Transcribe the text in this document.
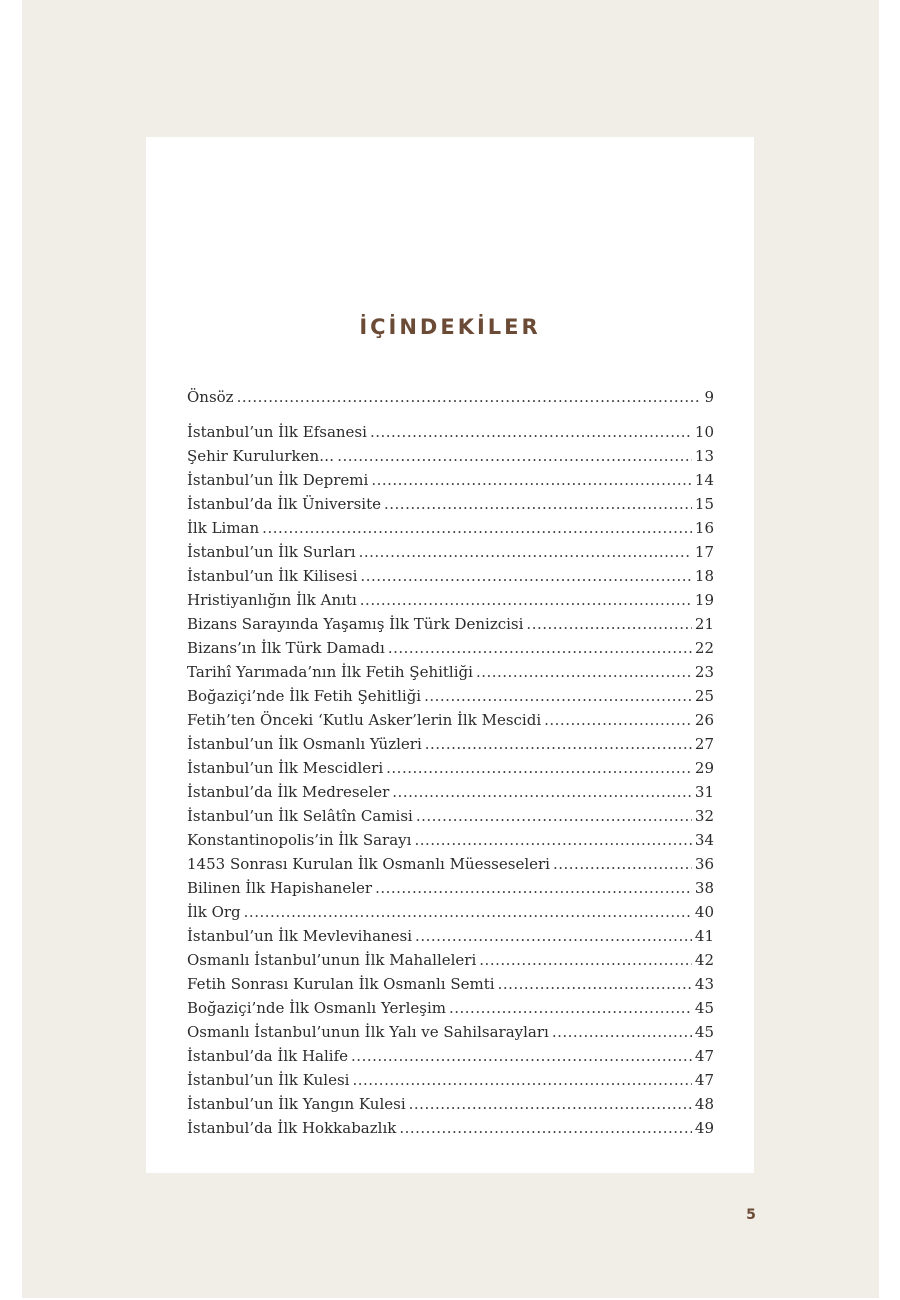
İÇİNDEKİLER
Önsöz .....	9
İstanbul’un İlk Efsanesi .....	10
Şehir Kurulurken… .....	13
İstanbul’un İlk Depremi .....	14
İstanbul’da İlk Üniversite .....	15
İlk Liman .....	16
İstanbul’un İlk Surları .....	17
İstanbul’un İlk Kilisesi .....	18
Hristiyanlığın İlk Anıtı .....	19
Bizans Sarayında Yaşamış İlk Türk Denizcisi .....	21
Bizans’ın İlk Türk Damadı .....	22
Tarihî Yarımada’nın İlk Fetih Şehitliği .....	23
Boğaziçi’nde İlk Fetih Şehitliği .....	25
Fetih’ten Önceki ‘Kutlu Asker’lerin İlk Mescidi .....	26
İstanbul’un İlk Osmanlı Yüzleri .....	27
İstanbul’un İlk Mescidleri .....	29
İstanbul’da İlk Medreseler .....	31
İstanbul’un İlk Selâtîn Camisi .....	32
Konstantinopolis’in İlk Sarayı .....	34
1453 Sonrası Kurulan İlk Osmanlı Müesseseleri .....	36
Bilinen İlk Hapishaneler .....	38
İlk Org .....	40
İstanbul’un İlk Mevlevihanesi .....	41
Osmanlı İstanbul’unun İlk Mahalleleri .....	42
Fetih Sonrası Kurulan İlk Osmanlı Semti .....	43
Boğaziçi’nde İlk Osmanlı Yerleşim .....	45
Osmanlı İstanbul’unun İlk Yalı ve Sahilsarayları .....	45
İstanbul’da İlk Halife .....	47
İstanbul’un İlk Kulesi .....	47
İstanbul’un İlk Yangın Kulesi .....	48
İstanbul’da İlk Hokkabazlık .....	49
5
